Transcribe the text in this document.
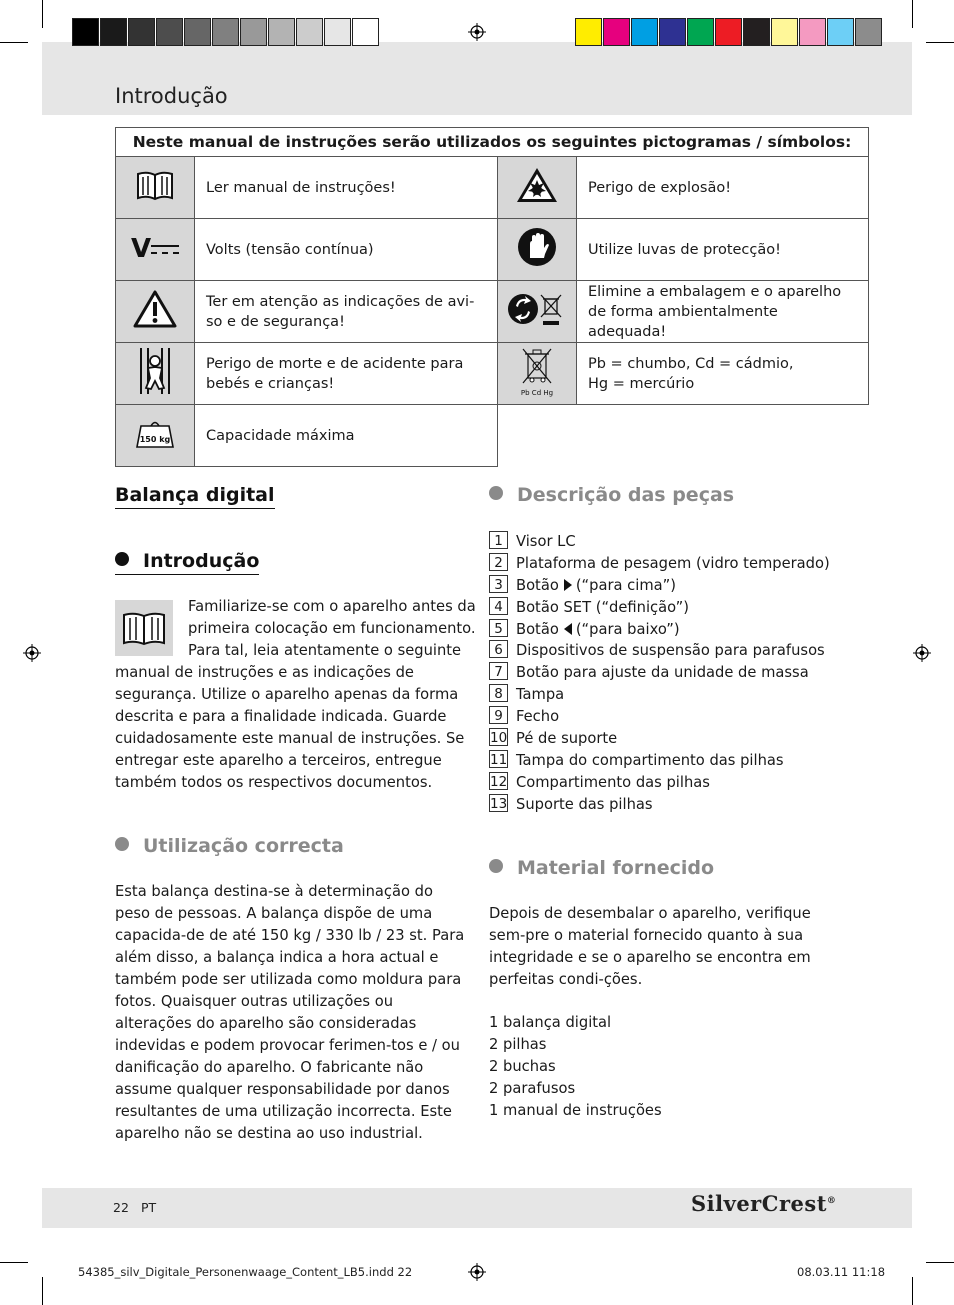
Introdução
Neste manual de instruções serão utilizados os seguintes pictogramas / símbolos:			
	Ler manual de instruções!		Perigo de explosão!

V	Volts (tensão contínua)		Utilize luvas de protecção!
	Ter em atenção as indicações de avi-so e de segurança!		Elimine a embalagem e o aparelho de forma ambientalmente adequada!
	Perigo de morte e de acidente para bebés e crianças!	Pb Cd Hg	Pb = chumbo, Cd = cádmio,
Hg = mercúrio

150 kg	Capacidade máxima		
Balança digital
Introdução
Familiarize-se com o aparelho antes da
primeira colocação em funcionamento.
Para tal, leia atentamente o seguinte
manual de instruções e as indicações de segurança. Utilize o aparelho apenas da forma descrita e para a finalidade indicada. Guarde cuidadosamente este manual de instruções. Se entregar este aparelho a terceiros, entregue também todos os respectivos documentos.
Utilização correcta
Esta balança destina-se à determinação do peso de pessoas. A balança dispõe de uma capacida-de de até 150 kg / 330 lb / 23 st. Para além disso, a balança indica a hora actual e também pode ser utilizada como moldura para fotos. Quaisquer outras utilizações ou alterações do aparelho são consideradas indevidas e podem provocar ferimen-tos e / ou danificação do aparelho. O fabricante não assume qualquer responsabilidade por danos resultantes de uma utilização incorrecta. Este aparelho não se destina ao uso industrial.
Descrição das peças
1 Visor LC
2 Plataforma de pesagem (vidro temperado)
3 Botão (“para cima”)
4 Botão SET (“definição”)
5 Botão (“para baixo”)
6 Dispositivos de suspensão para parafusos
7 Botão para ajuste da unidade de massa
8 Tampa
9 Fecho
10 Pé de suporte
11 Tampa do compartimento das pilhas
12 Compartimento das pilhas
13 Suporte das pilhas
Material fornecido
Depois de desembalar o aparelho, verifique sem-pre o material fornecido quanto à sua integridade e se o aparelho se encontra em perfeitas condi-ções.
1 balança digital
2 pilhas
2 buchas
2 parafusos
1 manual de instruções
22 PT	SilverCrest®
54385_silv_Digitale_Personenwaage_Content_LB5.indd 22	08.03.11 11:18
